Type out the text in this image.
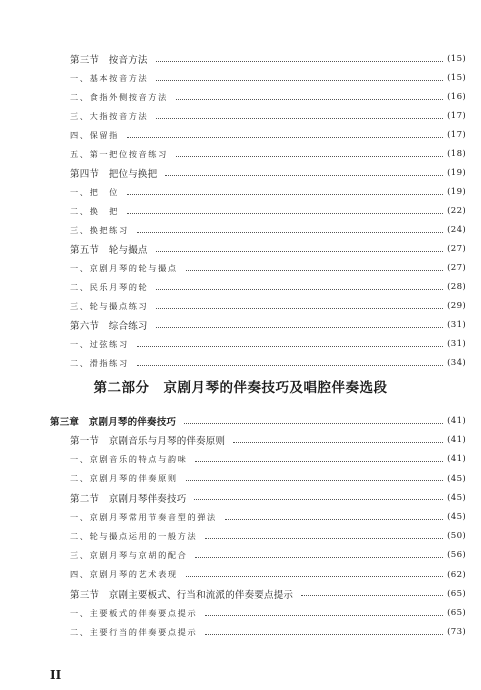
第三节　按音方法	(15)
一、基本按音方法	(15)
二、食指外侧按音方法	(16)
三、大指按音方法	(17)
四、保留指	(17)
五、第一把位按音练习	(18)
第四节　把位与换把	(19)
一、把　位	(19)
二、换　把	(22)
三、换把练习	(24)
第五节　轮与撮点	(27)
一、京剧月琴的轮与撮点	(27)
二、民乐月琴的轮	(28)
三、轮与撮点练习	(29)
第六节　综合练习	(31)
一、过弦练习	(31)
二、滑指练习	(34)
第二部分　京剧月琴的伴奏技巧及唱腔伴奏选段
第三章　京剧月琴的伴奏技巧	(41)
第一节　京剧音乐与月琴的伴奏原则	(41)
一、京剧音乐的特点与韵味	(41)
二、京剧月琴的伴奏原则	(45)
第二节　京剧月琴伴奏技巧	(45)
一、京剧月琴常用节奏音型的弹法	(45)
二、轮与撮点运用的一般方法	(50)
三、京剧月琴与京胡的配合	(56)
四、京剧月琴的艺术表现	(62)
第三节　京剧主要板式、行当和流派的伴奏要点提示	(65)
一、主要板式的伴奏要点提示	(65)
二、主要行当的伴奏要点提示	(73)
II
